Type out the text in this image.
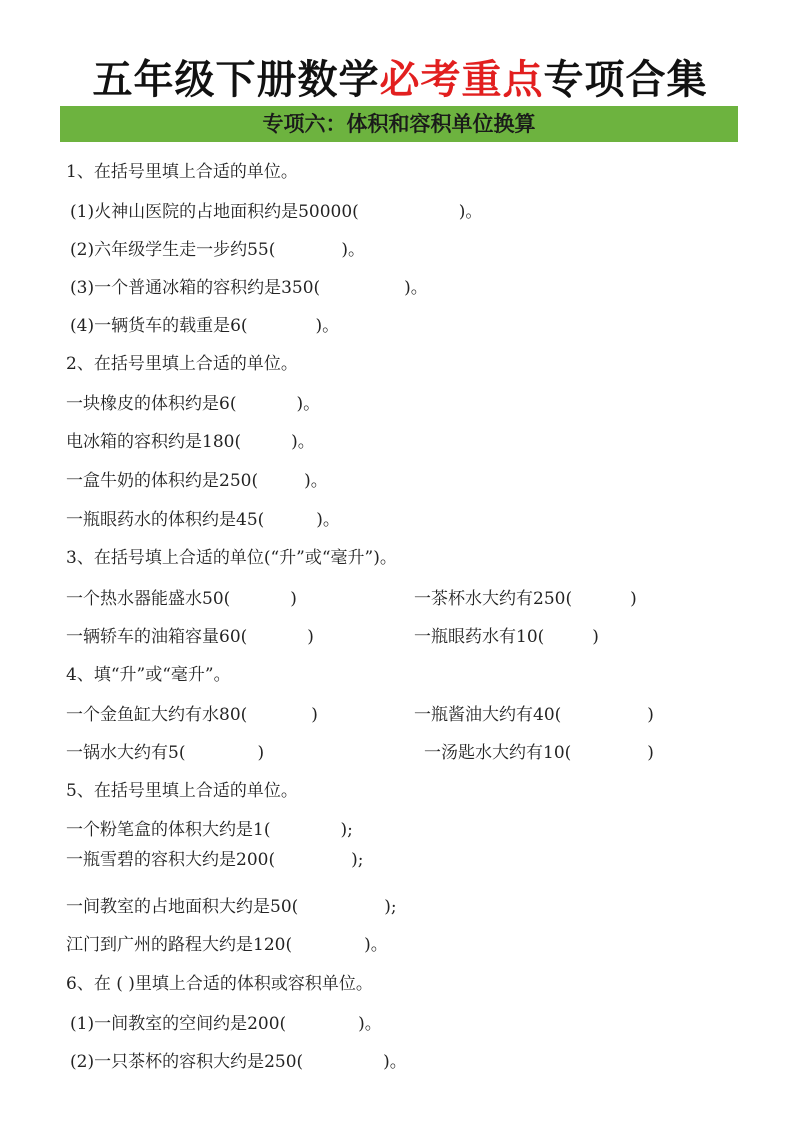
五年级下册数学必考重点专项合集
专项六：体积和容积单位换算
1、在括号里填上合适的单位。
(1)火神山医院的占地面积约是50000(	)。
(2)六年级学生走一步约55(	)。
(3)一个普通冰箱的容积约是350(	)。
(4)一辆货车的载重是6(	)。
2、在括号里填上合适的单位。
一块橡皮的体积约是6(	)。
电冰箱的容积约是180(	)。
一盒牛奶的体积约是250(	)。
一瓶眼药水的体积约是45(	)。
3、在括号填上合适的单位(“升”或“毫升”)。
一个热水器能盛水50(	)	一茶杯水大约有250(	)
一辆轿车的油箱容量60(	)	一瓶眼药水有10(	)
4、填“升”或“毫升”。
一个金鱼缸大约有水80(	)	一瓶酱油大约有40(	)
一锅水大约有5(	)	一汤匙水大约有10(	)
5、在括号里填上合适的单位。
一个粉笔盒的体积大约是1(	);
一瓶雪碧的容积大约是200(	);
一间教室的占地面积大约是50(	);
江门到广州的路程大约是120(	)。
6、在 ( )里填上合适的体积或容积单位。
(1)一间教室的空间约是200(	)。
(2)一只茶杯的容积大约是250(	)。
